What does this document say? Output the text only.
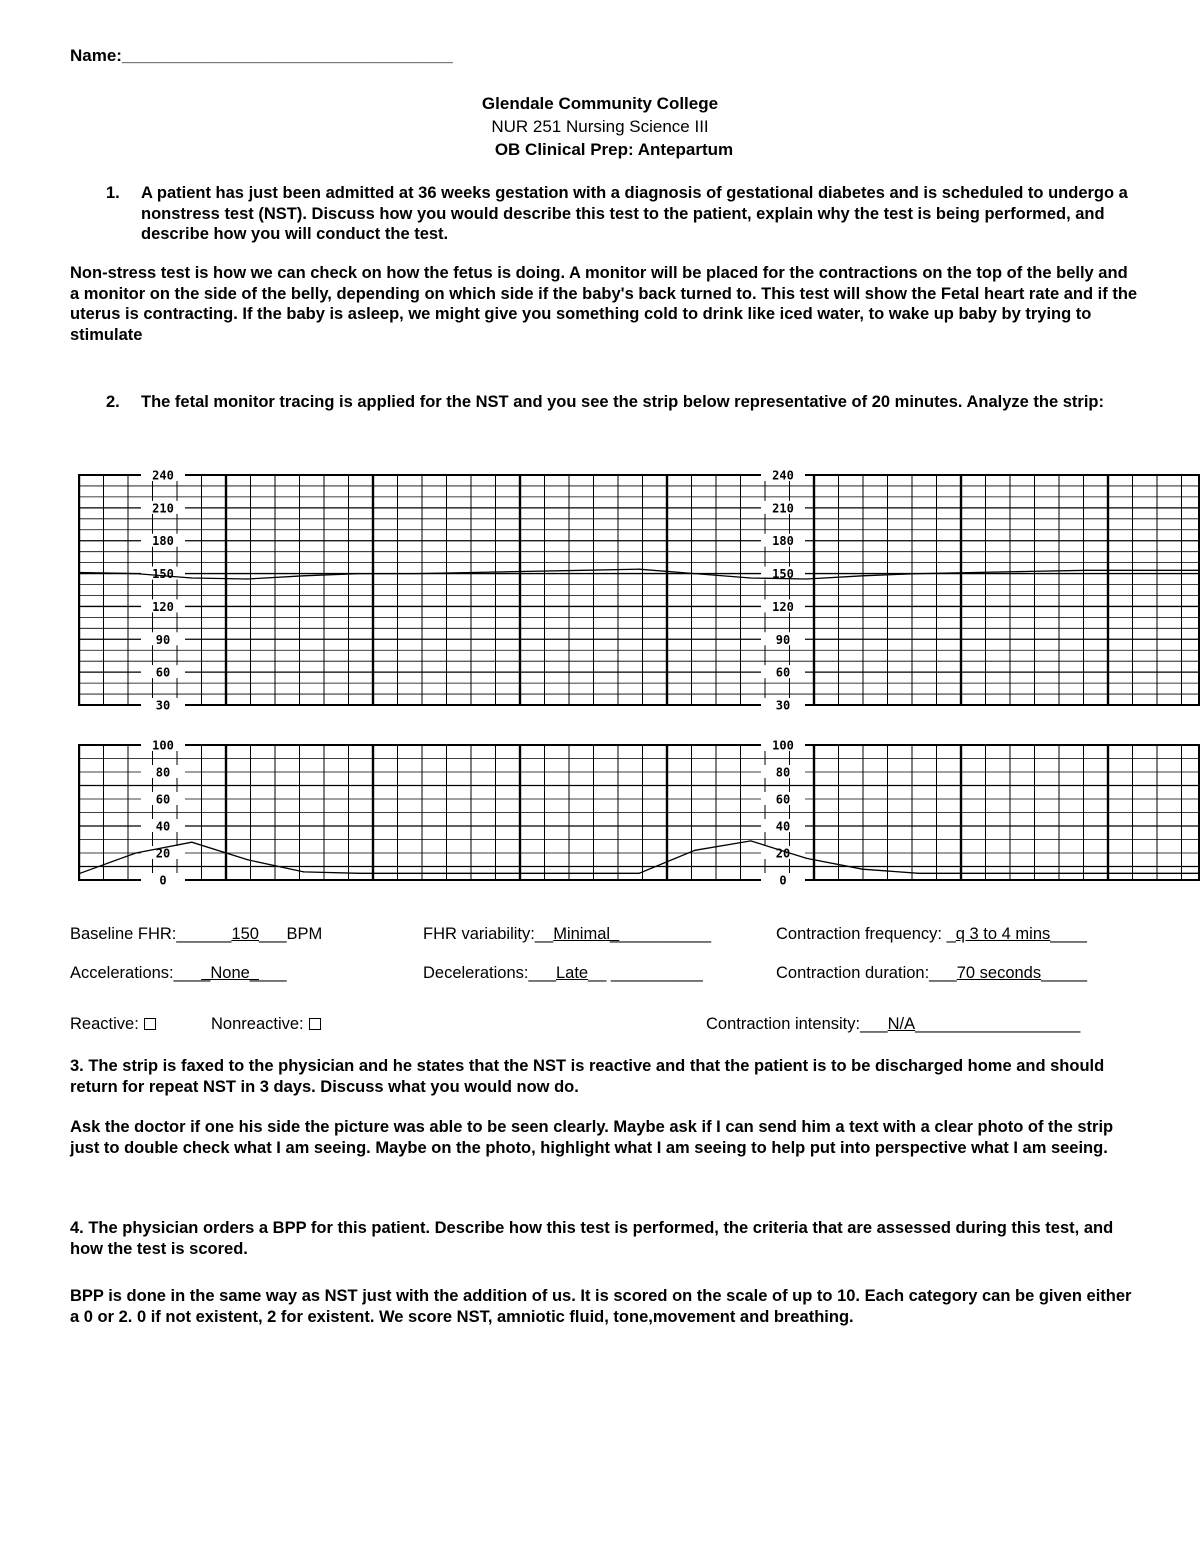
Name:___________________________________
Glendale Community College
NUR 251 Nursing Science III
OB Clinical Prep: Antepartum
1. A patient has just been admitted at 36 weeks gestation with a diagnosis of gestational diabetes and is scheduled to undergo a nonstress test (NST). Discuss how you would describe this test to the patient, explain why the test is being performed, and describe how you will conduct the test.
Non-stress test is how we can check on how the fetus is doing. A monitor will be placed for the contractions on the top of the belly and a monitor on the side of the belly, depending on which side if the baby's back turned to. This test will show the Fetal heart rate and if the uterus is contracting. If the baby is asleep, we might give you something cold to drink like iced water, to wake up baby by trying to stimulate
2. The fetal monitor tracing is applied for the NST and you see the strip below representative of 20 minutes. Analyze the strip:
30	30
60	60
90	90
120	120
150	150
180	180
210	210
240	240
0	0
20	20
40	40
60	60
80	80
100	100
Baseline FHR:______150___BPM	FHR variability:__Minimal___________	Contraction frequency: _q 3 to 4 mins____
Accelerations:____None____	Decelerations:___Late__ __________	Contraction duration:___70 seconds_____
Reactive:	Nonreactive:	Contraction intensity:___N/A__________________
3. The strip is faxed to the physician and he states that the NST is reactive and that the patient is to be discharged home and should return for repeat NST in 3 days. Discuss what you would now do.
Ask the doctor if one his side the picture was able to be seen clearly. Maybe ask if I can send him a text with a clear photo of the strip just to double check what I am seeing. Maybe on the photo, highlight what I am seeing to help put into perspective what I am seeing.
4. The physician orders a BPP for this patient. Describe how this test is performed, the criteria that are assessed during this test, and how the test is scored.
BPP is done in the same way as NST just with the addition of us. It is scored on the scale of up to 10. Each category can be given either a 0 or 2. 0 if not existent, 2 for existent. We score NST, amniotic fluid, tone,movement and breathing.
